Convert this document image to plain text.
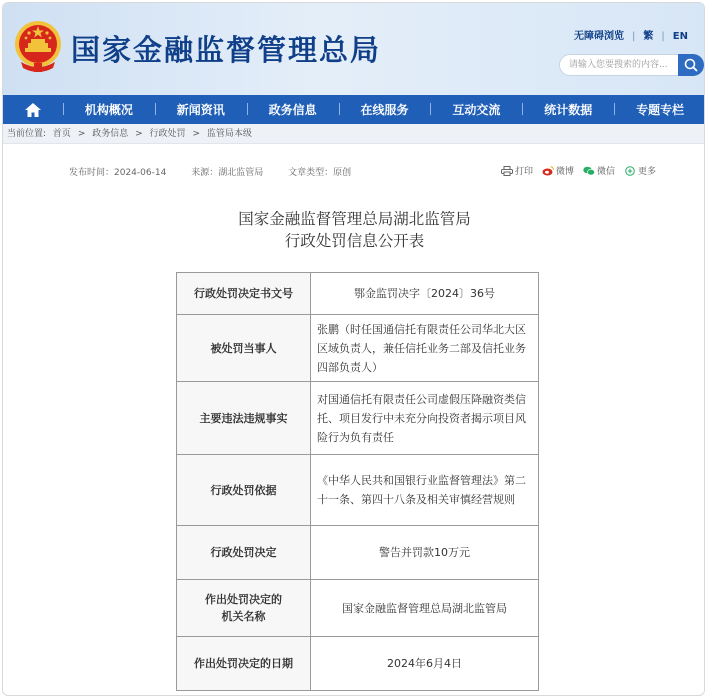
国家金融监督管理总局	无障碍浏览 | 繁 | EN
请输入您要搜索的内容...
机构概况	新闻资讯	政务信息	在线服务	互动交流	统计数据	专题专栏
当前位置: 首页 > 政务信息 > 行政处罚 > 监管局本级
发布时间：2024-06-14	来源：湖北监管局	文章类型：原创	打印	微博	微信	更多
国家金融监督管理总局湖北监管局
行政处罚信息公开表
行政处罚决定书文号	鄂金监罚决字〔2024〕36号
被处罚当事人	张鹏（时任国通信托有限责任公司华北大区区域负责人，兼任信托业务二部及信托业务四部负责人）
主要违法违规事实	对国通信托有限责任公司虚假压降融资类信托、项目发行中未充分向投资者揭示项目风险行为负有责任
行政处罚依据	《中华人民共和国银行业监督管理法》第二十一条、第四十八条及相关审慎经营规则
行政处罚决定	警告并罚款10万元

作出处罚决定的
机关名称	国家金融监督管理总局湖北监管局
作出处罚决定的日期	2024年6月4日
